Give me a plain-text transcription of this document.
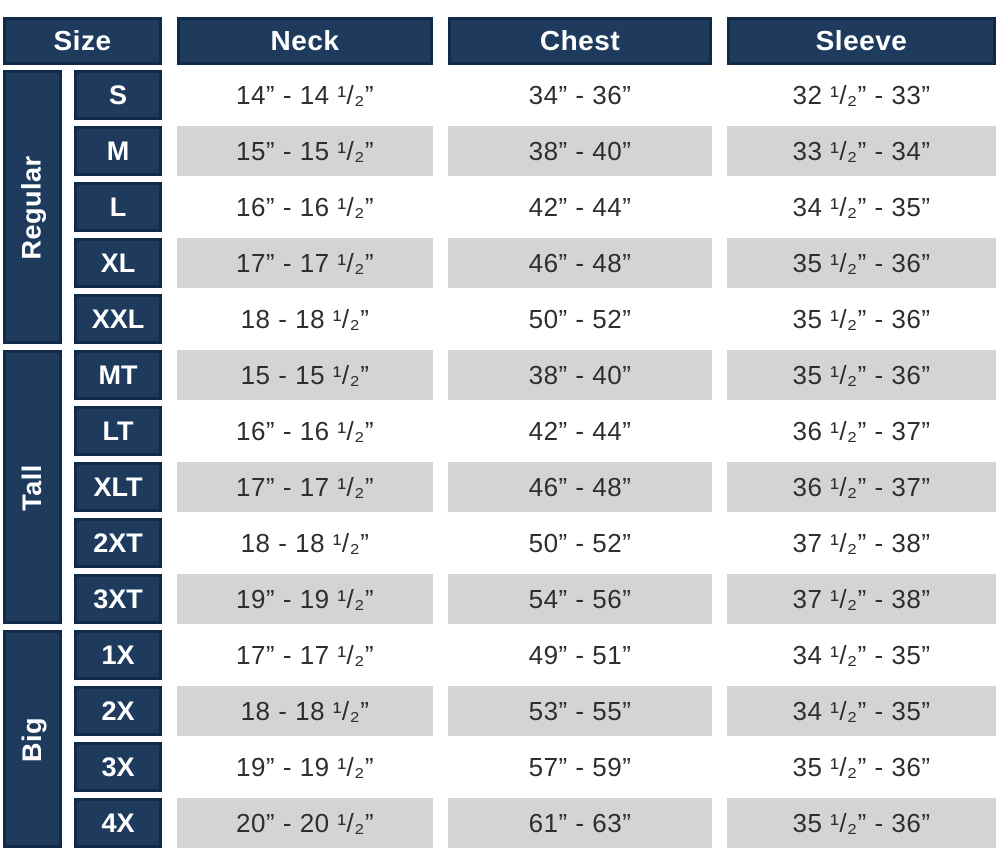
Size	Neck	Chest	Sleeve
Regular
S	14” - 14 ¹/₂”	34” - 36”	32 ¹/₂” - 33”
M	15” - 15 ¹/₂”	38” - 40”	33 ¹/₂” - 34”
L	16” - 16 ¹/₂”	42” - 44”	34 ¹/₂” - 35”
XL	17” - 17 ¹/₂”	46” - 48”	35 ¹/₂” - 36”
XXL	18 - 18 ¹/₂”	50” - 52”	35 ¹/₂” - 36”
Tall
MT	15 - 15 ¹/₂”	38” - 40”	35 ¹/₂” - 36”
LT	16” - 16 ¹/₂”	42” - 44”	36 ¹/₂” - 37”
XLT	17” - 17 ¹/₂”	46” - 48”	36 ¹/₂” - 37”
2XT	18 - 18 ¹/₂”	50” - 52”	37 ¹/₂” - 38”
3XT	19” - 19 ¹/₂”	54” - 56”	37 ¹/₂” - 38”
Big
1X	17” - 17 ¹/₂”	49” - 51”	34 ¹/₂” - 35”
2X	18 - 18 ¹/₂”	53” - 55”	34 ¹/₂” - 35”
3X	19” - 19 ¹/₂”	57” - 59”	35 ¹/₂” - 36”
4X	20” - 20 ¹/₂”	61” - 63”	35 ¹/₂” - 36”
